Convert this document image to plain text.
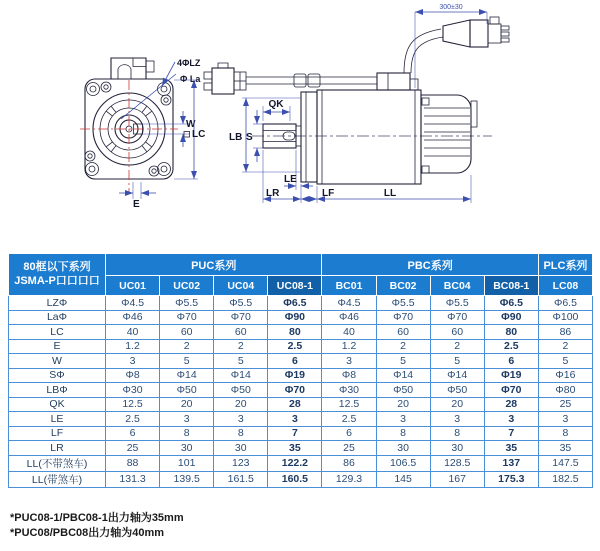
4ΦLZ
Φ La
W
LC
E
300±30
QK
S
LB
LE
LR	LF	LL
80框以下系列
JSMA-P口口口口	PUC系列				PBC系列				PLC系列
	UC01	UC02	UC04	UC08-1	BC01	BC02	BC04	BC08-1	LC08
LZΦ	Φ4.5	Φ5.5	Φ5.5	Φ6.5	Φ4.5	Φ5.5	Φ5.5	Φ6.5	Φ6.5
LaΦ	Φ46	Φ70	Φ70	Φ90	Φ46	Φ70	Φ70	Φ90	Φ100
LC	40	60	60	80	40	60	60	80	86
E	1.2	2	2	2.5	1.2	2	2	2.5	2
W	3	5	5	6	3	5	5	6	5
SΦ	Φ8	Φ14	Φ14	Φ19	Φ8	Φ14	Φ14	Φ19	Φ16
LBΦ	Φ30	Φ50	Φ50	Φ70	Φ30	Φ50	Φ50	Φ70	Φ80
QK	12.5	20	20	28	12.5	20	20	28	25
LE	2.5	3	3	3	2.5	3	3	3	3
LF	6	8	8	7	6	8	8	7	8
LR	25	30	30	35	25	30	30	35	35
LL(不带煞车)	88	101	123	122.2	86	106.5	128.5	137	147.5
LL(带煞车)	131.3	139.5	161.5	160.5	129.3	145	167	175.3	182.5
*PUC08-1/PBC08-1出力轴为35mm
*PUC08/PBC08出力轴为40mm
